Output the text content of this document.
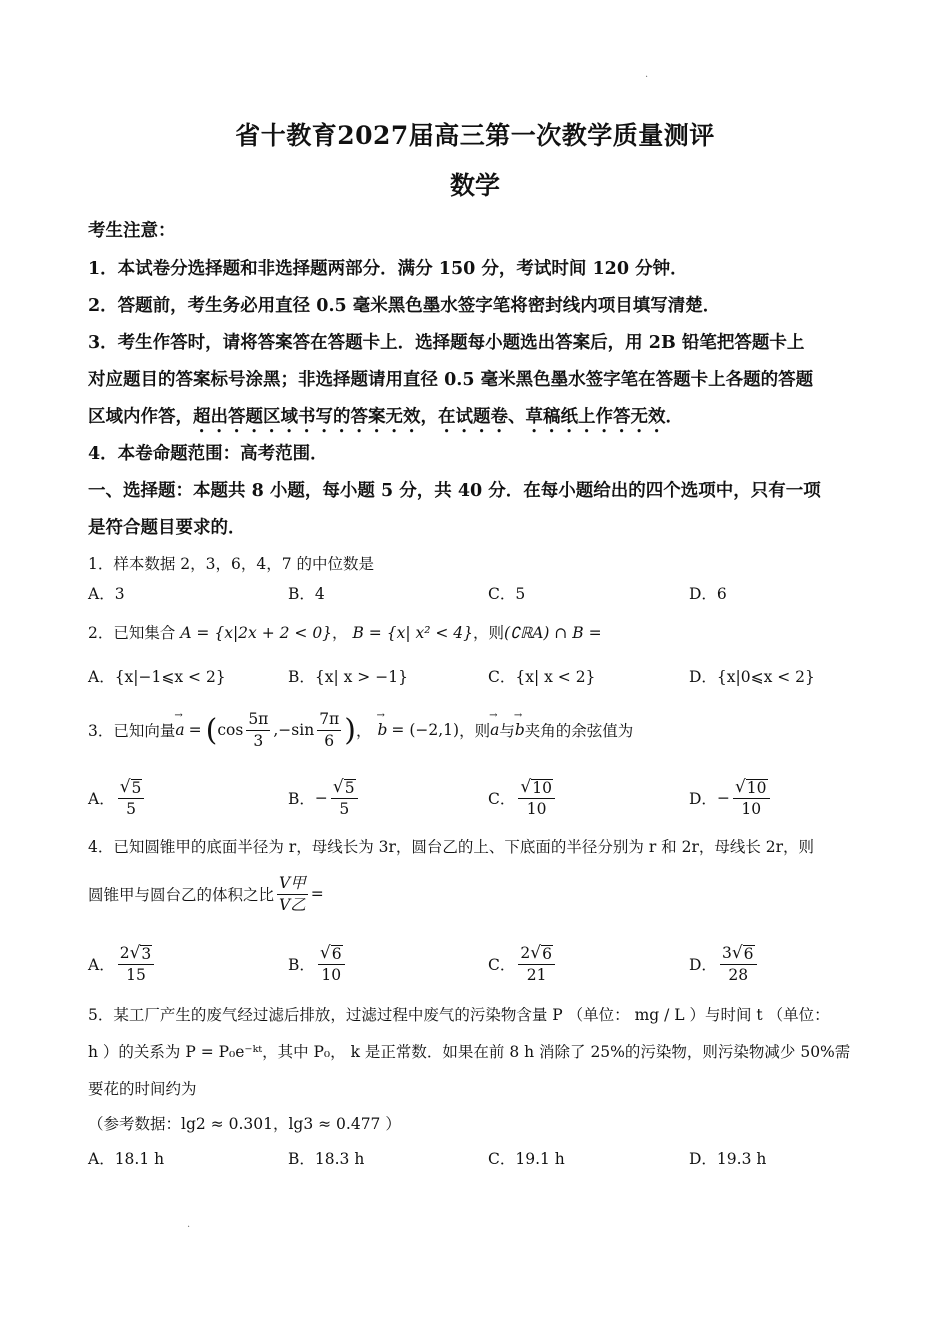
·
·
省十教育2027届高三第一次教学质量测评
数学
考生注意：
1．本试卷分选择题和非选择题两部分．满分 150 分，考试时间 120 分钟．
2．答题前，考生务必用直径 0.5 毫米黑色墨水签字笔将密封线内项目填写清楚．
3．考生作答时，请将答案答在答题卡上．选择题每小题选出答案后，用 2B 铅笔把答题卡上
对应题目的答案标号涂黑；非选择题请用直径 0.5 毫米黑色墨水签字笔在答题卡上各题的答题
区域内作答，超出答题区域书写的答案无效，在试题卷、草稿纸上作答无效．
4．本卷命题范围：高考范围．
一、选择题：本题共 8 小题，每小题 5 分，共 40 分．在每小题给出的四个选项中，只有一项
是符合题目要求的．
1．样本数据 2，3，6，4，7 的中位数是
A．3	B．4	C．5	D．6
2．已知集合 A = {x|2x + 2 < 0}， B = {x| x² < 4}，则(∁ℝA) ∩ B =
A．{x|−1⩽x < 2}	B．{x| x > −1}	C．{x| x < 2}	D．{x|0⩽x < 2}
3．已知向量 → a = ( $\cos \frac{5\pi}{3} ,-\sin \frac{7\pi}{6}$ ) ， → b = (−2,1) ，则 → a 与 → b 夹角的余弦值为
A． $\frac{√ 5}{5}$	B． − $\frac{√ 5}{5}$	C． $\frac{√ 10}{10}$	D． − $\frac{√ 10}{10}$
4．已知圆锥甲的底面半径为 r，母线长为 3r，圆台乙的上、下底面的半径分别为 r 和 2r，母线长 2r，则
圆锥甲与圆台乙的体积之比 $\frac{\text{V甲}}{\text{V乙}}$ =
A． $\frac{2 √ 3}{15}$	B． $\frac{√ 6}{10}$	C． $\frac{2 √ 6}{21}$	D． $\frac{3 √ 6}{28}$
5．某工厂产生的废气经过滤后排放，过滤过程中废气的污染物含量 P （单位： mg / L ）与时间 t （单位：
h ）的关系为 P = P₀e⁻ᵏᵗ，其中 P₀， k 是正常数．如果在前 8 h 消除了 25%的污染物，则污染物减少 50%需
要花的时间约为
（参考数据：lg2 ≈ 0.301，lg3 ≈ 0.477 ）
A．18.1 h	B．18.3 h	C．19.1 h	D．19.3 h
